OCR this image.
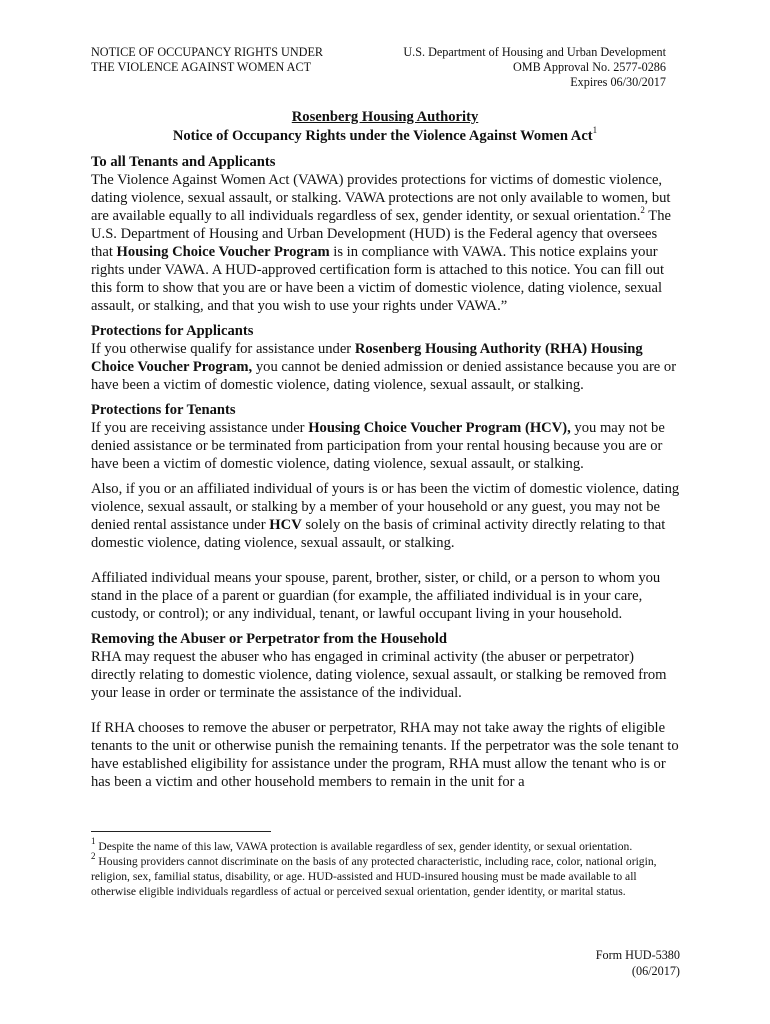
NOTICE OF OCCUPANCY RIGHTS UNDER
THE VIOLENCE AGAINST WOMEN ACT
U.S. Department of Housing and Urban Development
OMB Approval No. 2577-0286
Expires 06/30/2017
Rosenberg Housing Authority
Notice of Occupancy Rights under the Violence Against Women Act$^1$
To all Tenants and Applicants

The Violence Against Women Act (VAWA) provides protections for victims of domestic violence, dating violence, sexual assault, or stalking. VAWA protections are not only available to women, but are available equally to all individuals regardless of sex, gender identity, or sexual orientation.$^2$ The U.S. Department of Housing and Urban Development (HUD) is the Federal agency that oversees that Housing Choice Voucher Program is in compliance with VAWA. This notice explains your rights under VAWA. A HUD-approved certification form is attached to this notice. You can fill out this form to show that you are or have been a victim of domestic violence, dating violence, sexual assault, or stalking, and that you wish to use your rights under VAWA.”

Protections for Applicants

If you otherwise qualify for assistance under Rosenberg Housing Authority (RHA) Housing Choice Voucher Program, you cannot be denied admission or denied assistance because you are or have been a victim of domestic violence, dating violence, sexual assault, or stalking.

Protections for Tenants

If you are receiving assistance under Housing Choice Voucher Program (HCV), you may not be denied assistance or be terminated from participation from your rental housing because you are or have been a victim of domestic violence, dating violence, sexual assault, or stalking.

Also, if you or an affiliated individual of yours is or has been the victim of domestic violence, dating violence, sexual assault, or stalking by a member of your household or any guest, you may not be denied rental assistance under HCV solely on the basis of criminal activity directly relating to that domestic violence, dating violence, sexual assault, or stalking.

Affiliated individual means your spouse, parent, brother, sister, or child, or a person to whom you stand in the place of a parent or guardian (for example, the affiliated individual is in your care, custody, or control); or any individual, tenant, or lawful occupant living in your household.

Removing the Abuser or Perpetrator from the Household

RHA may request the abuser who has engaged in criminal activity (the abuser or perpetrator) directly relating to domestic violence, dating violence, sexual assault, or stalking be removed from your lease in order or terminate the assistance of the individual.

If RHA chooses to remove the abuser or perpetrator, RHA may not take away the rights of eligible tenants to the unit or otherwise punish the remaining tenants. If the perpetrator was the sole tenant to have established eligibility for assistance under the program, RHA must allow the tenant who is or has been a victim and other household members to remain in the unit for a

$^1$ Despite the name of this law, VAWA protection is available regardless of sex, gender identity, or sexual orientation.
$^2$ Housing providers cannot discriminate on the basis of any protected characteristic, including race, color, national origin, religion, sex, familial status, disability, or age. HUD-assisted and HUD-insured housing must be made available to all otherwise eligible individuals regardless of actual or perceived sexual orientation, gender identity, or marital status.
Form HUD-5380
(06/2017)
